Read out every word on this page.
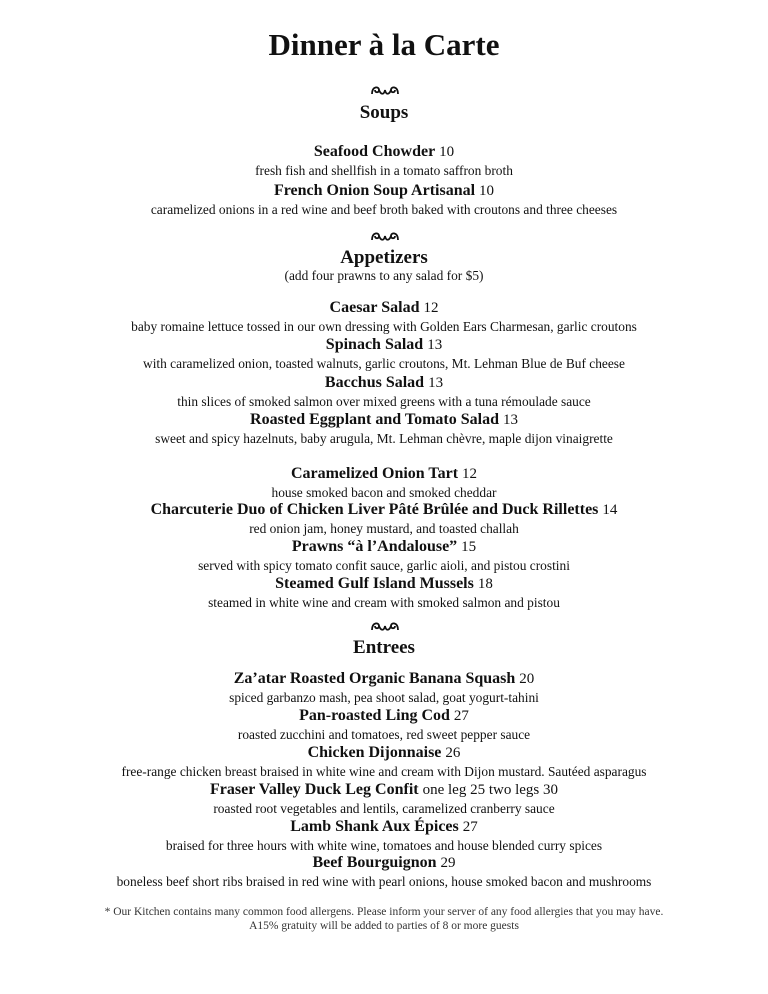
Dinner à la Carte
Soups
Seafood Chowder 10
fresh fish and shellfish in a tomato saffron broth
French Onion Soup Artisanal 10
caramelized onions in a red wine and beef broth baked with croutons and three cheeses
Appetizers
(add four prawns to any salad for $5)
Caesar Salad 12
baby romaine lettuce tossed in our own dressing with Golden Ears Charmesan, garlic croutons
Spinach Salad 13
with caramelized onion, toasted walnuts, garlic croutons, Mt. Lehman Blue de Buf cheese
Bacchus Salad 13
thin slices of smoked salmon over mixed greens with a tuna rémoulade sauce
Roasted Eggplant and Tomato Salad 13
sweet and spicy hazelnuts, baby arugula, Mt. Lehman chèvre, maple dijon vinaigrette
Caramelized Onion Tart 12
house smoked bacon and smoked cheddar
Charcuterie Duo of Chicken Liver Pâté Brûlée and Duck Rillettes 14
red onion jam, honey mustard, and toasted challah
Prawns “à l’Andalouse” 15
served with spicy tomato confit sauce, garlic aioli, and pistou crostini
Steamed Gulf Island Mussels 18
steamed in white wine and cream with smoked salmon and pistou
Entrees
Za’atar Roasted Organic Banana Squash 20
spiced garbanzo mash, pea shoot salad, goat yogurt-tahini
Pan-roasted Ling Cod 27
roasted zucchini and tomatoes, red sweet pepper sauce
Chicken Dijonnaise 26
free-range chicken breast braised in white wine and cream with Dijon mustard. Sautéed asparagus
Fraser Valley Duck Leg Confit one leg 25 two legs 30
roasted root vegetables and lentils, caramelized cranberry sauce
Lamb Shank Aux Épices 27
braised for three hours with white wine, tomatoes and house blended curry spices
Beef Bourguignon 29
boneless beef short ribs braised in red wine with pearl onions, house smoked bacon and mushrooms
* Our Kitchen contains many common food allergens. Please inform your server of any food allergies that you may have.
A15% gratuity will be added to parties of 8 or more guests
